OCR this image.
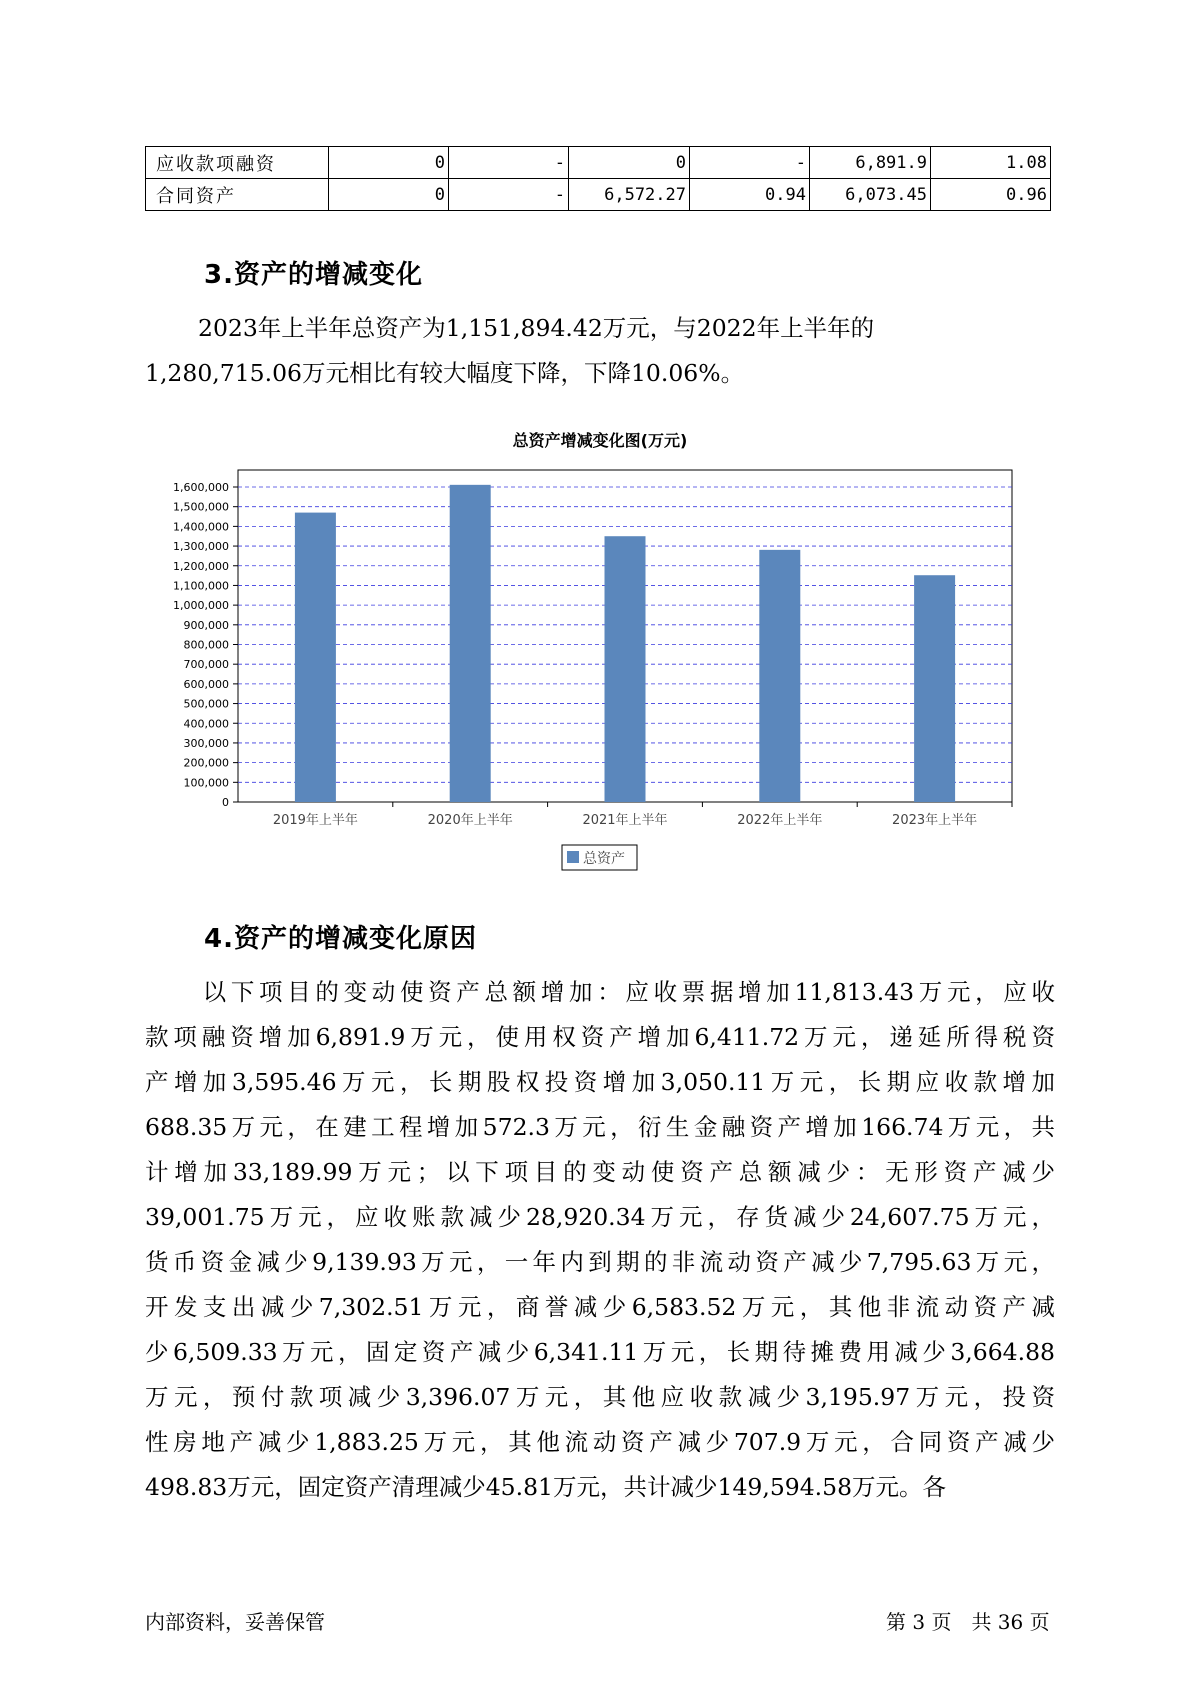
应收款项融资	0	-	0	-	6,891.9	1.08
合同资产	0	-	6,572.27	0.94	6,073.45	0.96
3.资产的增减变化

2023年上半年总资产为1,151,894.42万元，与2022年上半年的
1,280,715.06万元相比有较大幅度下降，下降10.06%。

总资产增减变化图(万元)
0
100,000
200,000
300,000
400,000
500,000
600,000
700,000
800,000
900,000
1,000,000
1,100,000
1,200,000
1,300,000
1,400,000
1,500,000
1,600,000
2019年上半年	2020年上半年	2021年上半年	2022年上半年	2023年上半年
总资产
4.资产的增减变化原因

以下项目的变动使资产总额增加：应收票据增加11,813.43万元，应收
款项融资增加6,891.9万元，使用权资产增加6,411.72万元，递延所得税资
产增加3,595.46万元，长期股权投资增加3,050.11万元，长期应收款增加
688.35万元，在建工程增加572.3万元，衍生金融资产增加166.74万元，共
计增加33,189.99万元；以下项目的变动使资产总额减少：无形资产减少
39,001.75万元，应收账款减少28,920.34万元，存货减少24,607.75万元，
货币资金减少9,139.93万元，一年内到期的非流动资产减少7,795.63万元，
开发支出减少7,302.51万元，商誉减少6,583.52万元，其他非流动资产减
少6,509.33万元，固定资产减少6,341.11万元，长期待摊费用减少3,664.88
万元，预付款项减少3,396.07万元，其他应收款减少3,195.97万元，投资
性房地产减少1,883.25万元，其他流动资产减少707.9万元，合同资产减少
498.83万元，固定资产清理减少45.81万元，共计减少149,594.58万元。各

内部资料，妥善保管	第 3 页　共 36 页
